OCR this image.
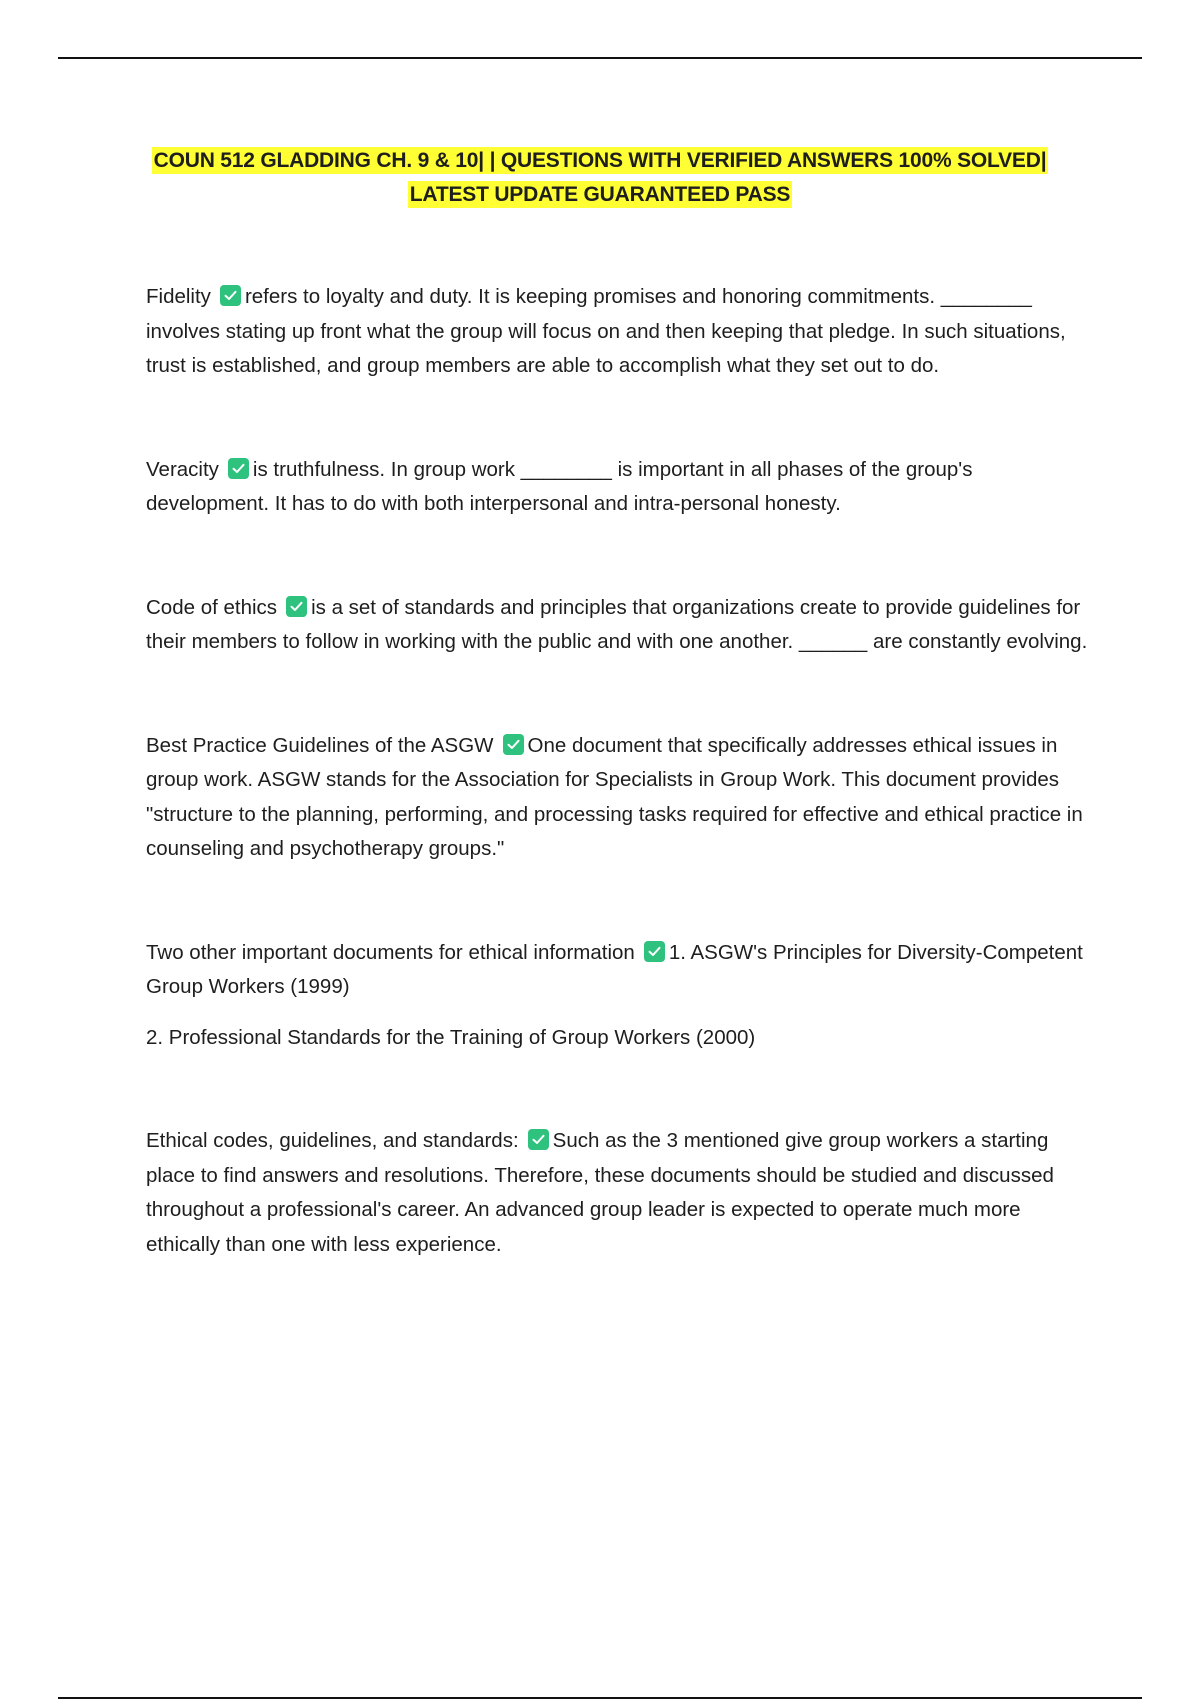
COUN 512 GLADDING CH. 9 & 10| | QUESTIONS WITH VERIFIED ANSWERS 100% SOLVED|
LATEST UPDATE GUARANTEED PASS

Fidelity refers to loyalty and duty. It is keeping promises and honoring commitments. ________ involves stating up front what the group will focus on and then keeping that pledge. In such situations, trust is established, and group members are able to accomplish what they set out to do.

Veracity is truthfulness. In group work ________ is important in all phases of the group's development. It has to do with both interpersonal and intra-personal honesty.

Code of ethics is a set of standards and principles that organizations create to provide guidelines for their members to follow in working with the public and with one another. ______ are constantly evolving.

Best Practice Guidelines of the ASGW One document that specifically addresses ethical issues in group work. ASGW stands for the Association for Specialists in Group Work. This document provides "structure to the planning, performing, and processing tasks required for effective and ethical practice in counseling and psychotherapy groups."

Two other important documents for ethical information 1. ASGW's Principles for Diversity-Competent Group Workers (1999)
2. Professional Standards for the Training of Group Workers (2000)

Ethical codes, guidelines, and standards: Such as the 3 mentioned give group workers a starting place to find answers and resolutions. Therefore, these documents should be studied and discussed throughout a professional's career. An advanced group leader is expected to operate much more ethically than one with less experience.
